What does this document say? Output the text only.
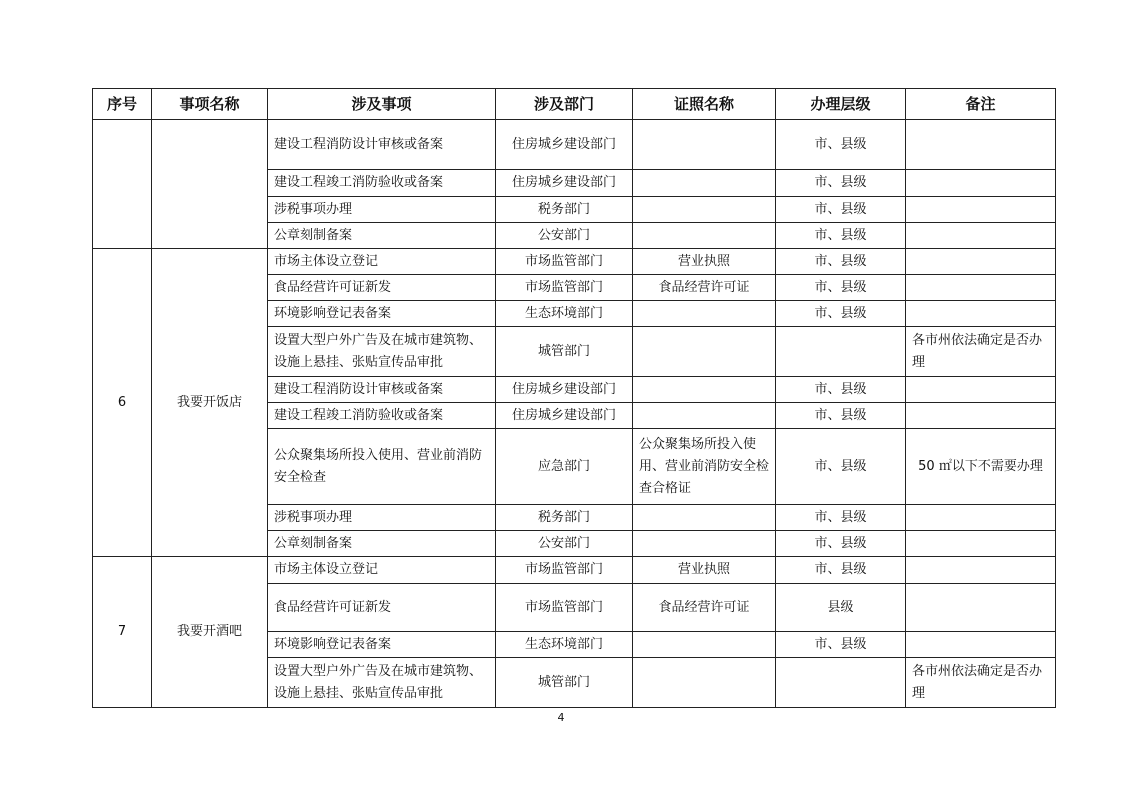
序号	事项名称	涉及事项	涉及部门	证照名称	办理层级	备注
		建设工程消防设计审核或备案	住房城乡建设部门		市、县级	
		建设工程竣工消防验收或备案	住房城乡建设部门		市、县级	
		涉税事项办理	税务部门		市、县级	
		公章刻制备案	公安部门		市、县级	
6	我要开饭店	市场主体设立登记	市场监管部门	营业执照	市、县级	
		食品经营许可证新发	市场监管部门	食品经营许可证	市、县级	
		环境影响登记表备案	生态环境部门		市、县级	
		设置大型户外广告及在城市建筑物、设施上悬挂、张贴宣传品审批	城管部门			各市州依法确定是否办理
		建设工程消防设计审核或备案	住房城乡建设部门		市、县级	
		建设工程竣工消防验收或备案	住房城乡建设部门		市、县级	
		公众聚集场所投入使用、营业前消防安全检查	应急部门	公众聚集场所投入使用、营业前消防安全检查合格证	市、县级	50 ㎡以下不需要办理
		涉税事项办理	税务部门		市、县级	
		公章刻制备案	公安部门		市、县级	
7	我要开酒吧	市场主体设立登记	市场监管部门	营业执照	市、县级	
		食品经营许可证新发	市场监管部门	食品经营许可证	县级	
		环境影响登记表备案	生态环境部门		市、县级	
		设置大型户外广告及在城市建筑物、设施上悬挂、张贴宣传品审批	城管部门			各市州依法确定是否办理
4
